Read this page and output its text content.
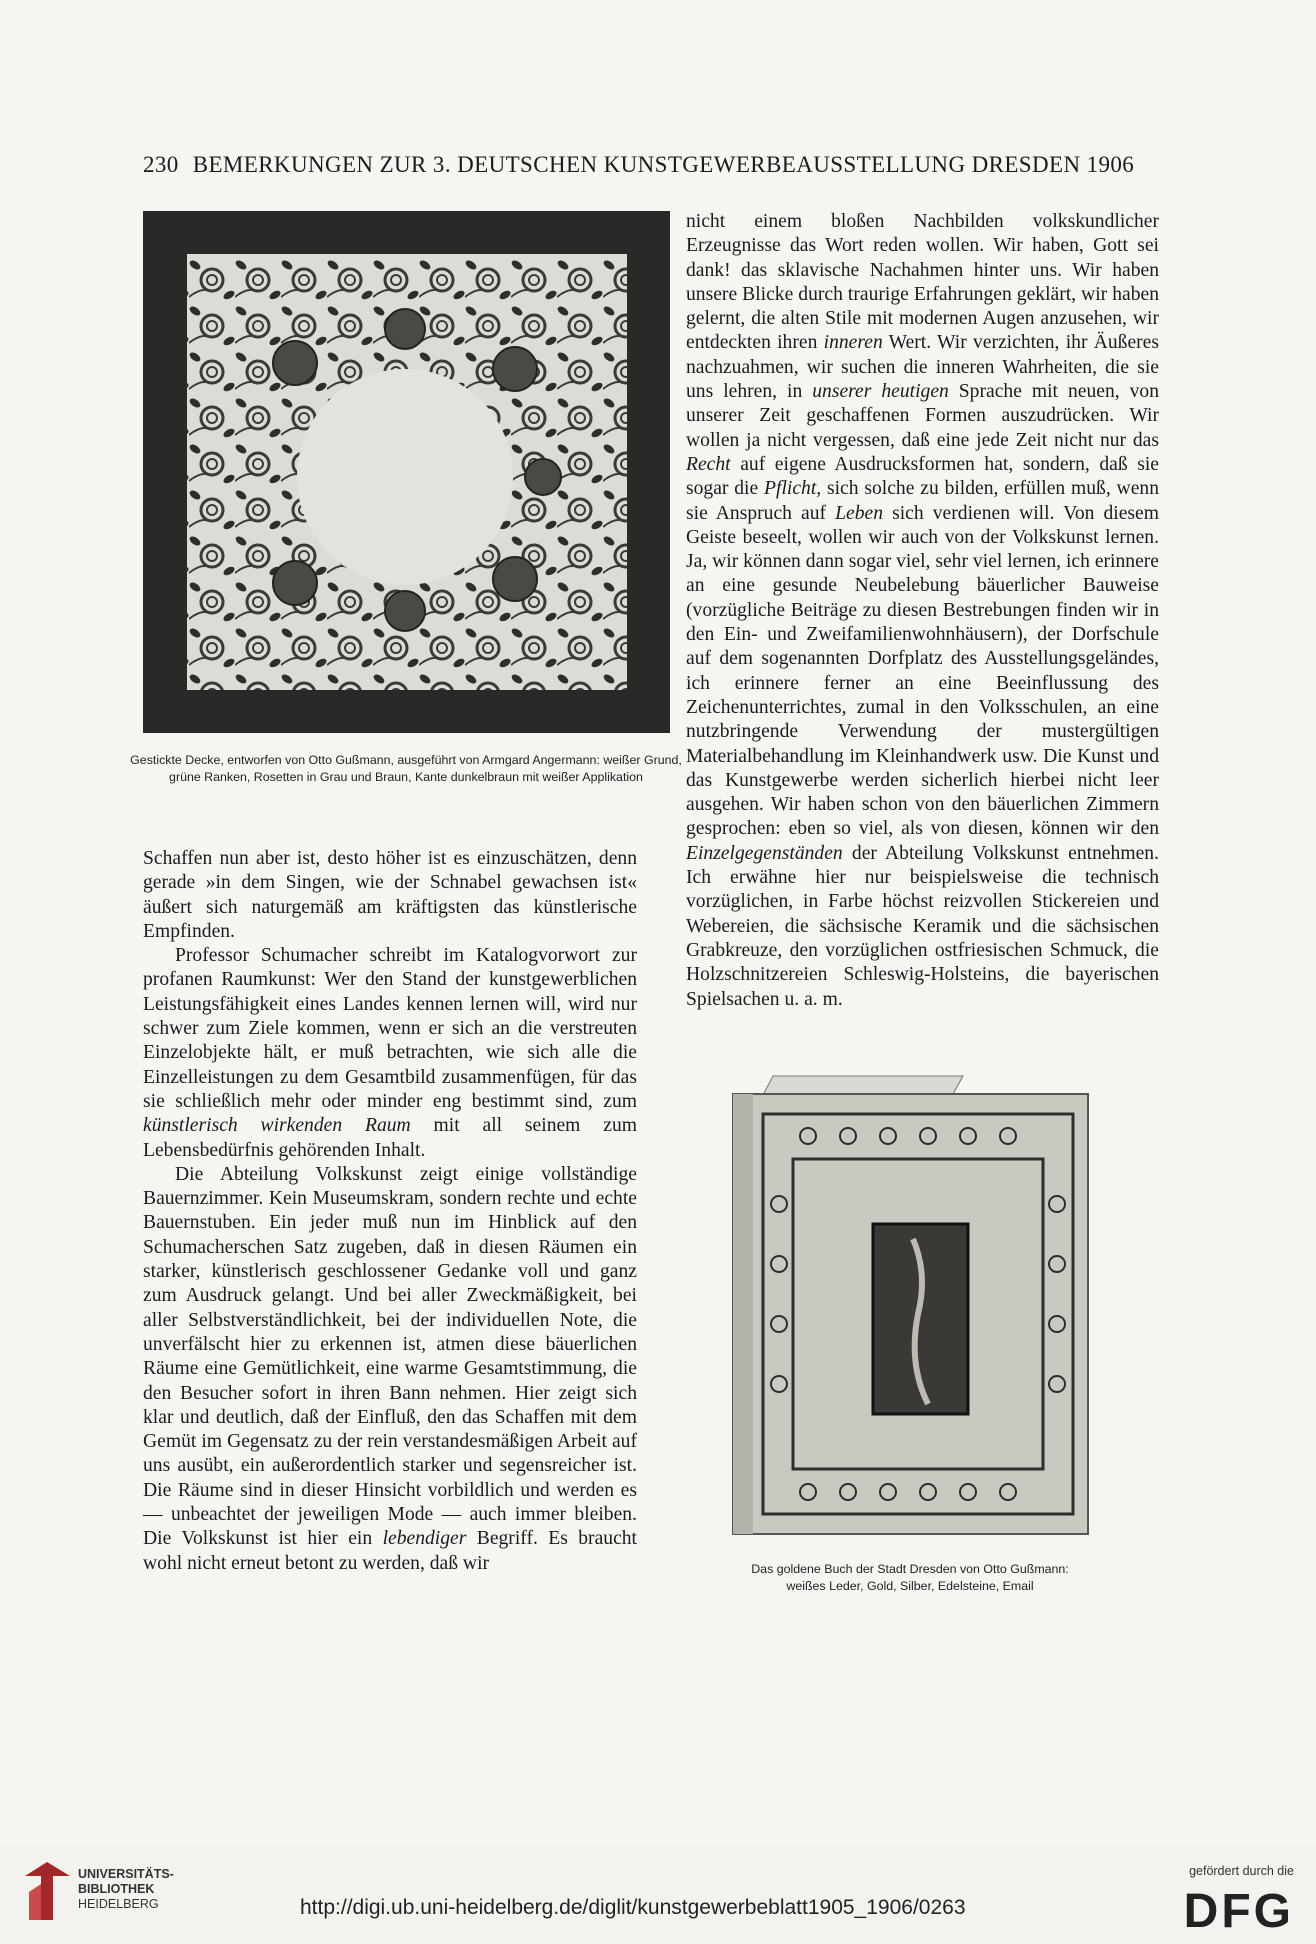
230 BEMERKUNGEN ZUR 3. DEUTSCHEN KUNSTGEWERBEAUSSTELLUNG DRESDEN 1906
Gestickte Decke, entworfen von Otto Gußmann, ausgeführt von Armgard Angermann: weißer Grund, grüne Ranken, Rosetten in Grau und Braun, Kante dunkelbraun mit weißer Applikation

Schaffen nun aber ist, desto höher ist es einzuschätzen, denn gerade »in dem Singen, wie der Schnabel gewachsen ist« äußert sich naturgemäß am kräftigsten das künstlerische Empfinden.

Professor Schumacher schreibt im Katalogvorwort zur profanen Raumkunst: Wer den Stand der kunstgewerblichen Leistungsfähigkeit eines Landes kennen lernen will, wird nur schwer zum Ziele kommen, wenn er sich an die verstreuten Einzelobjekte hält, er muß betrachten, wie sich alle die Einzelleistungen zu dem Gesamtbild zusammenfügen, für das sie schließlich mehr oder minder eng bestimmt sind, zum künstlerisch wirkenden Raum mit all seinem zum Lebensbedürfnis gehörenden Inhalt.

Die Abteilung Volkskunst zeigt einige vollständige Bauernzimmer. Kein Museumskram, sondern rechte und echte Bauernstuben. Ein jeder muß nun im Hinblick auf den Schumacherschen Satz zugeben, daß in diesen Räumen ein starker, künstlerisch geschlossener Gedanke voll und ganz zum Ausdruck gelangt. Und bei aller Zweckmäßigkeit, bei aller Selbstverständlichkeit, bei der individuellen Note, die unverfälscht hier zu erkennen ist, atmen diese bäuerlichen Räume eine Gemütlichkeit, eine warme Gesamtstimmung, die den Besucher sofort in ihren Bann nehmen. Hier zeigt sich klar und deutlich, daß der Einfluß, den das Schaffen mit dem Gemüt im Gegensatz zu der rein verstandesmäßigen Arbeit auf uns ausübt, ein außerordentlich starker und segensreicher ist. Die Räume sind in dieser Hinsicht vorbildlich und werden es — unbeachtet der jeweiligen Mode — auch immer bleiben. Die Volkskunst ist hier ein lebendiger Begriff. Es braucht wohl nicht erneut betont zu werden, daß wir

nicht einem bloßen Nachbilden volkskundlicher Erzeugnisse das Wort reden wollen. Wir haben, Gott sei dank! das sklavische Nachahmen hinter uns. Wir haben unsere Blicke durch traurige Erfahrungen geklärt, wir haben gelernt, die alten Stile mit modernen Augen anzusehen, wir entdeckten ihren inneren Wert. Wir verzichten, ihr Äußeres nachzuahmen, wir suchen die inneren Wahrheiten, die sie uns lehren, in unserer heutigen Sprache mit neuen, von unserer Zeit geschaffenen Formen auszudrücken. Wir wollen ja nicht vergessen, daß eine jede Zeit nicht nur das Recht auf eigene Ausdrucksformen hat, sondern, daß sie sogar die Pflicht, sich solche zu bilden, erfüllen muß, wenn sie Anspruch auf Leben sich verdienen will. Von diesem Geiste beseelt, wollen wir auch von der Volkskunst lernen. Ja, wir können dann sogar viel, sehr viel lernen, ich erinnere an eine gesunde Neubelebung bäuerlicher Bauweise (vorzügliche Beiträge zu diesen Bestrebungen finden wir in den Ein- und Zweifamilienwohnhäusern), der Dorfschule auf dem sogenannten Dorfplatz des Ausstellungsgeländes, ich erinnere ferner an eine Beeinflussung des Zeichenunterrichtes, zumal in den Volksschulen, an eine nutzbringende Verwendung der mustergültigen Materialbehandlung im Kleinhandwerk usw. Die Kunst und das Kunstgewerbe werden sicherlich hierbei nicht leer ausgehen. Wir haben schon von den bäuerlichen Zimmern gesprochen: eben so viel, als von diesen, können wir den Einzelgegenständen der Abteilung Volkskunst entnehmen. Ich erwähne hier nur beispielsweise die technisch vorzüglichen, in Farbe höchst reizvollen Stickereien und Webereien, die sächsische Keramik und die sächsischen Grabkreuze, den vorzüglichen ostfriesischen Schmuck, die Holzschnitzereien Schleswig-Holsteins, die bayerischen Spielsachen u. a. m.

Das goldene Buch der Stadt Dresden von Otto Gußmann:
weißes Leder, Gold, Silber, Edelsteine, Email
UNIVERSITÄTS-
BIBLIOTHEK
HEIDELBERG	http://digi.ub.uni-heidelberg.de/diglit/kunstgewerbeblatt1905_1906/0263
gefördert durch die
DFG
